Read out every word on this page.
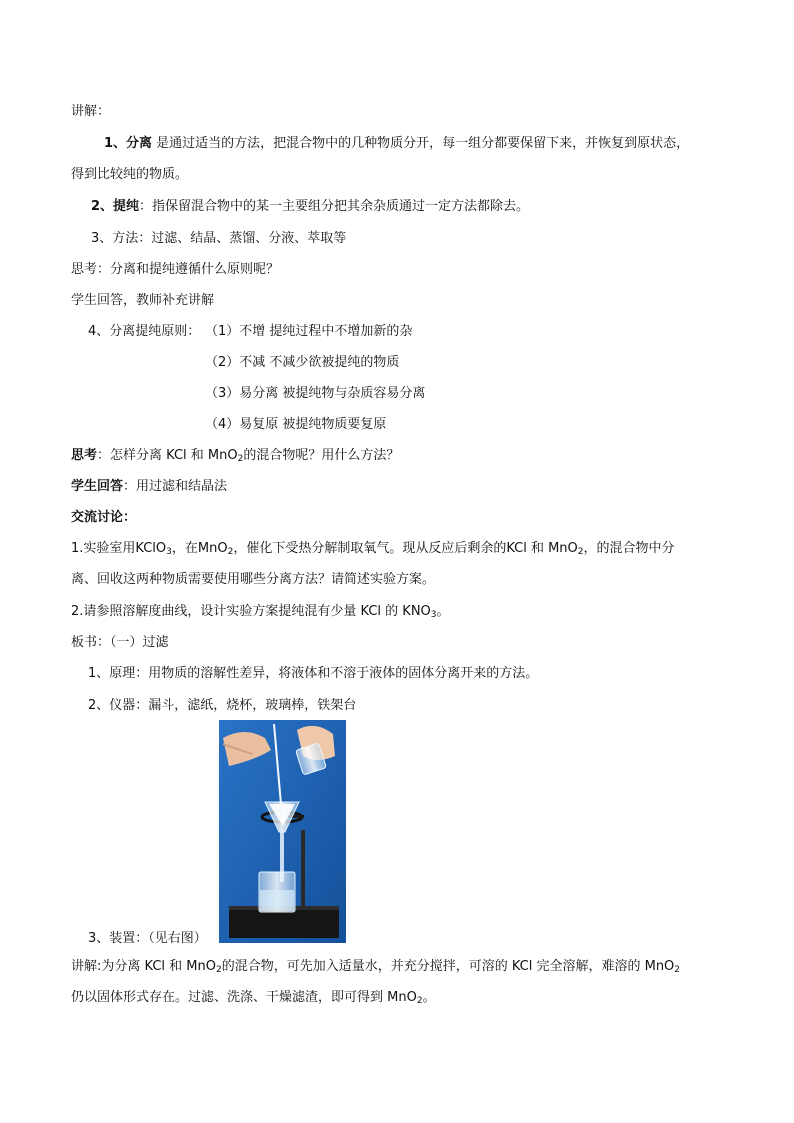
讲解：
1、分离 是通过适当的方法，把混合物中的几种物质分开，每一组分都要保留下来，并恢复到原状态，
得到比较纯的物质。
2、提纯：指保留混合物中的某一主要组分把其余杂质通过一定方法都除去。
3、方法：过滤、结晶、蒸馏、分液、萃取等
思考：分离和提纯遵循什么原则呢？
学生回答，教师补充讲解
4、分离提纯原则： （1）不增 提纯过程中不增加新的杂
（2）不减 不减少欲被提纯的物质
（3）易分离 被提纯物与杂质容易分离
（4）易复原 被提纯物质要复原
思考：怎样分离 KCl 和 MnO$_2$的混合物呢？用什么方法？
学生回答：用过滤和结晶法
交流讨论：
1.实验室用KClO$_3$，在MnO$_2$，催化下受热分解制取氧气。现从反应后剩余的KCl 和 MnO$_2$，的混合物中分
离、回收这两种物质需要使用哪些分离方法？请简述实验方案。
2.请参照溶解度曲线，设计实验方案提纯混有少量 KCl 的 $KNO_3$。
板书：（一）过滤
1、原理：用物质的溶解性差异，将液体和不溶于液体的固体分离开来的方法。
2、仪器：漏斗，滤纸，烧杯，玻璃棒，铁架台
3、装置：（见右图）
讲解:为分离 KCl 和 MnO$_2$的混合物，可先加入适量水，并充分搅拌，可溶的 KCl 完全溶解，难溶的 MnO$_2$
仍以固体形式存在。过滤、洗涤、干燥滤渣，即可得到 MnO$_2$。
